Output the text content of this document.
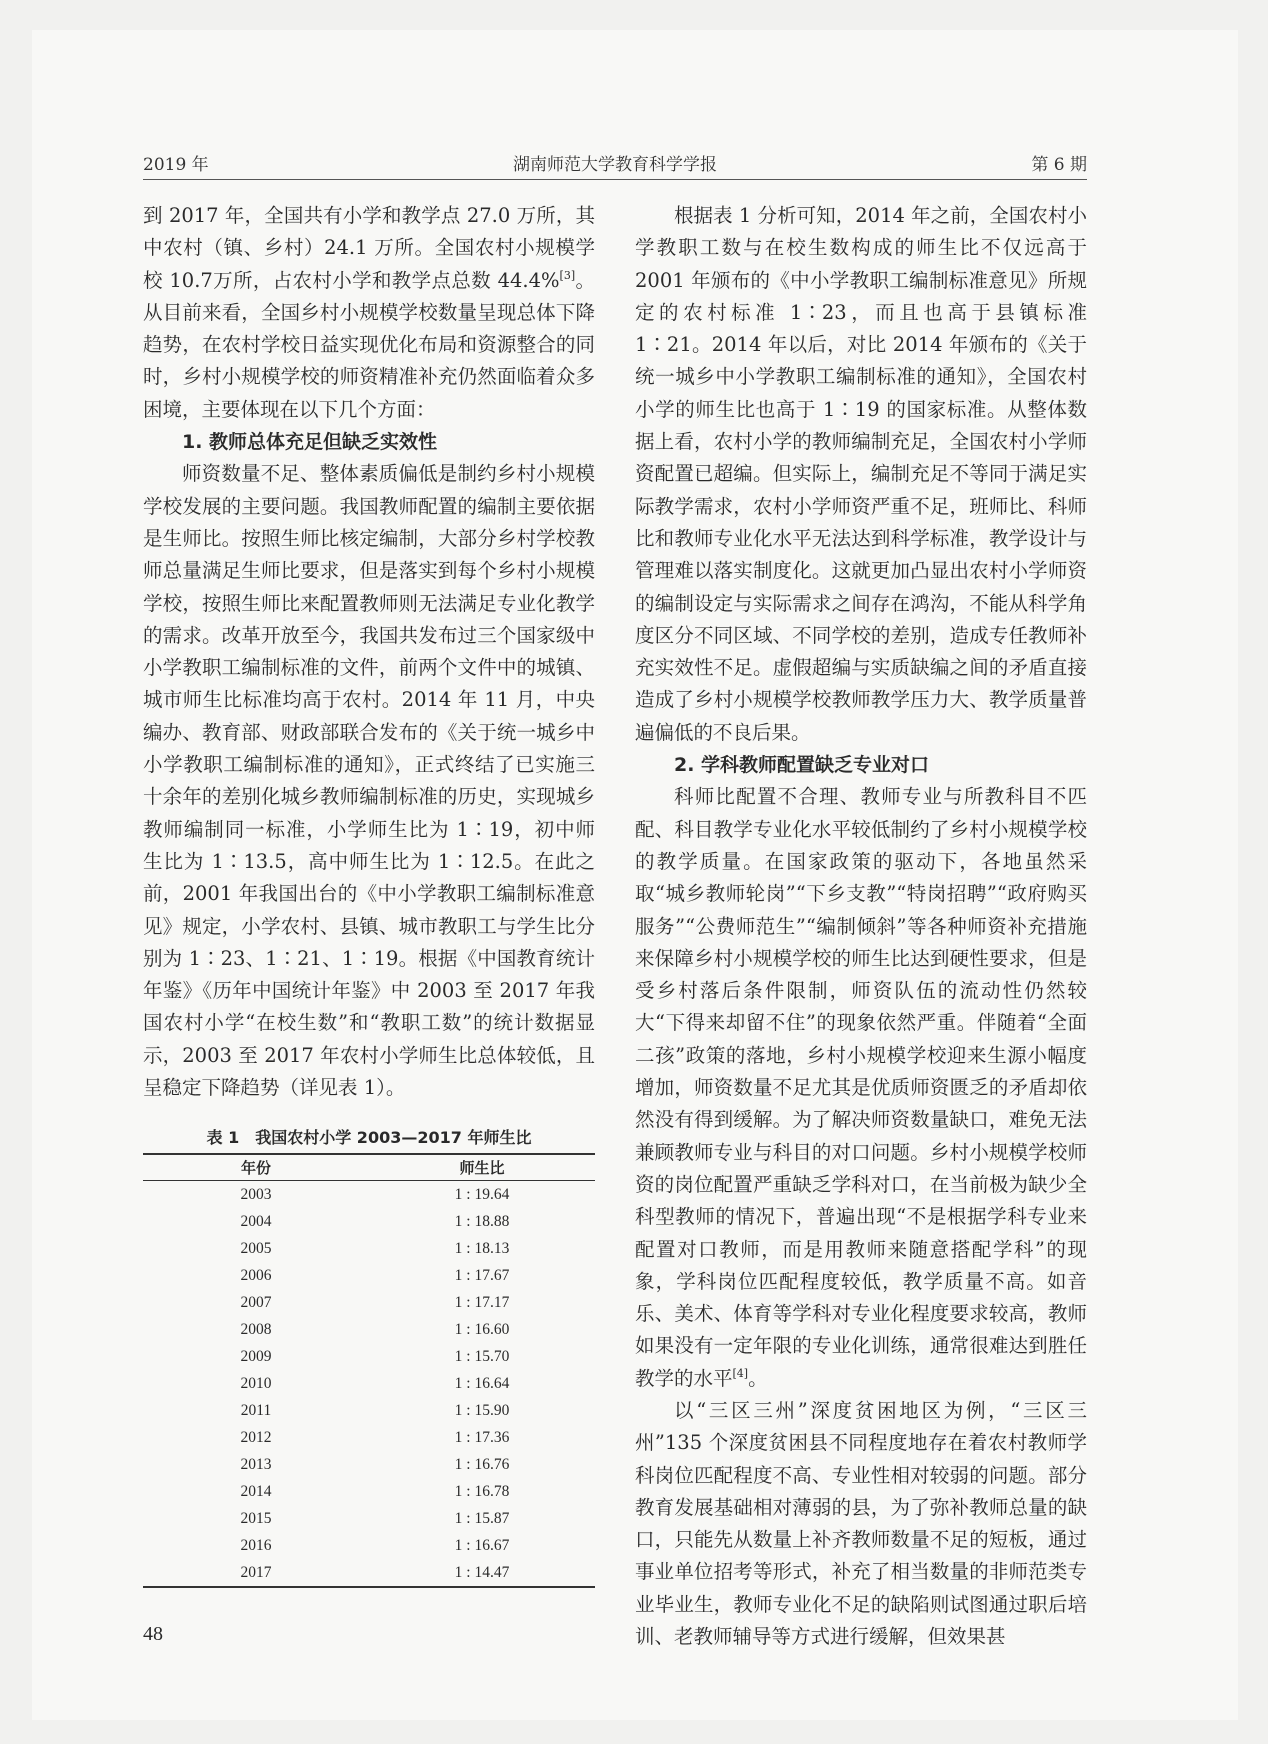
2019 年	湖南师范大学教育科学学报	第 6 期

到 2017 年，全国共有小学和教学点 27.0 万所，其中农村（镇、乡村）24.1 万所。全国农村小规模学校 10.7万所，占农村小学和教学点总数 44.4%[3]。从目前来看，全国乡村小规模学校数量呈现总体下降趋势，在农村学校日益实现优化布局和资源整合的同时，乡村小规模学校的师资精准补充仍然面临着众多困境，主要体现在以下几个方面：

1. 教师总体充足但缺乏实效性

师资数量不足、整体素质偏低是制约乡村小规模学校发展的主要问题。我国教师配置的编制主要依据是生师比。按照生师比核定编制，大部分乡村学校教师总量满足生师比要求，但是落实到每个乡村小规模学校，按照生师比来配置教师则无法满足专业化教学的需求。改革开放至今，我国共发布过三个国家级中小学教职工编制标准的文件，前两个文件中的城镇、城市师生比标准均高于农村。2014 年 11 月，中央编办、教育部、财政部联合发布的《关于统一城乡中小学教职工编制标准的通知》，正式终结了已实施三十余年的差别化城乡教师编制标准的历史，实现城乡教师编制同一标准，小学师生比为 1∶19，初中师生比为 1∶13.5，高中师生比为 1∶12.5。在此之前，2001 年我国出台的《中小学教职工编制标准意见》规定，小学农村、县镇、城市教职工与学生比分别为 1∶23、1∶21、1∶19。根据《中国教育统计年鉴》《历年中国统计年鉴》中 2003 至 2017 年我国农村小学“在校生数”和“教职工数”的统计数据显示，2003 至 2017 年农村小学师生比总体较低，且呈稳定下降趋势（详见表 1）。

表 1　我国农村小学 2003—2017 年师生比
年份	师生比
2003	1 : 19.64
2004	1 : 18.88
2005	1 : 18.13
2006	1 : 17.67
2007	1 : 17.17
2008	1 : 16.60
2009	1 : 15.70
2010	1 : 16.64
2011	1 : 15.90
2012	1 : 17.36
2013	1 : 16.76
2014	1 : 16.78
2015	1 : 15.87
2016	1 : 16.67
2017	1 : 14.47

根据表 1 分析可知，2014 年之前，全国农村小学教职工数与在校生数构成的师生比不仅远高于 2001 年颁布的《中小学教职工编制标准意见》所规定的农村标准 1∶23，而且也高于县镇标准 1∶21。2014 年以后，对比 2014 年颁布的《关于统一城乡中小学教职工编制标准的通知》，全国农村小学的师生比也高于 1∶19 的国家标准。从整体数据上看，农村小学的教师编制充足，全国农村小学师资配置已超编。但实际上，编制充足不等同于满足实际教学需求，农村小学师资严重不足，班师比、科师比和教师专业化水平无法达到科学标准，教学设计与管理难以落实制度化。这就更加凸显出农村小学师资的编制设定与实际需求之间存在鸿沟，不能从科学角度区分不同区域、不同学校的差别，造成专任教师补充实效性不足。虚假超编与实质缺编之间的矛盾直接造成了乡村小规模学校教师教学压力大、教学质量普遍偏低的不良后果。

2. 学科教师配置缺乏专业对口

科师比配置不合理、教师专业与所教科目不匹配、科目教学专业化水平较低制约了乡村小规模学校的教学质量。在国家政策的驱动下，各地虽然采取“城乡教师轮岗”“下乡支教”“特岗招聘”“政府购买服务”“公费师范生”“编制倾斜”等各种师资补充措施来保障乡村小规模学校的师生比达到硬性要求，但是受乡村落后条件限制，师资队伍的流动性仍然较大“下得来却留不住”的现象依然严重。伴随着“全面二孩”政策的落地，乡村小规模学校迎来生源小幅度增加，师资数量不足尤其是优质师资匮乏的矛盾却依然没有得到缓解。为了解决师资数量缺口，难免无法兼顾教师专业与科目的对口问题。乡村小规模学校师资的岗位配置严重缺乏学科对口，在当前极为缺少全科型教师的情况下，普遍出现“不是根据学科专业来配置对口教师，而是用教师来随意搭配学科”的现象，学科岗位匹配程度较低，教学质量不高。如音乐、美术、体育等学科对专业化程度要求较高，教师如果没有一定年限的专业化训练，通常很难达到胜任教学的水平[4]。

以“三区三州”深度贫困地区为例，“三区三州”135 个深度贫困县不同程度地存在着农村教师学科岗位匹配程度不高、专业性相对较弱的问题。部分教育发展基础相对薄弱的县，为了弥补教师总量的缺口，只能先从数量上补齐教师数量不足的短板，通过事业单位招考等形式，补充了相当数量的非师范类专业毕业生，教师专业化不足的缺陷则试图通过职后培训、老教师辅导等方式进行缓解，但效果甚

48
